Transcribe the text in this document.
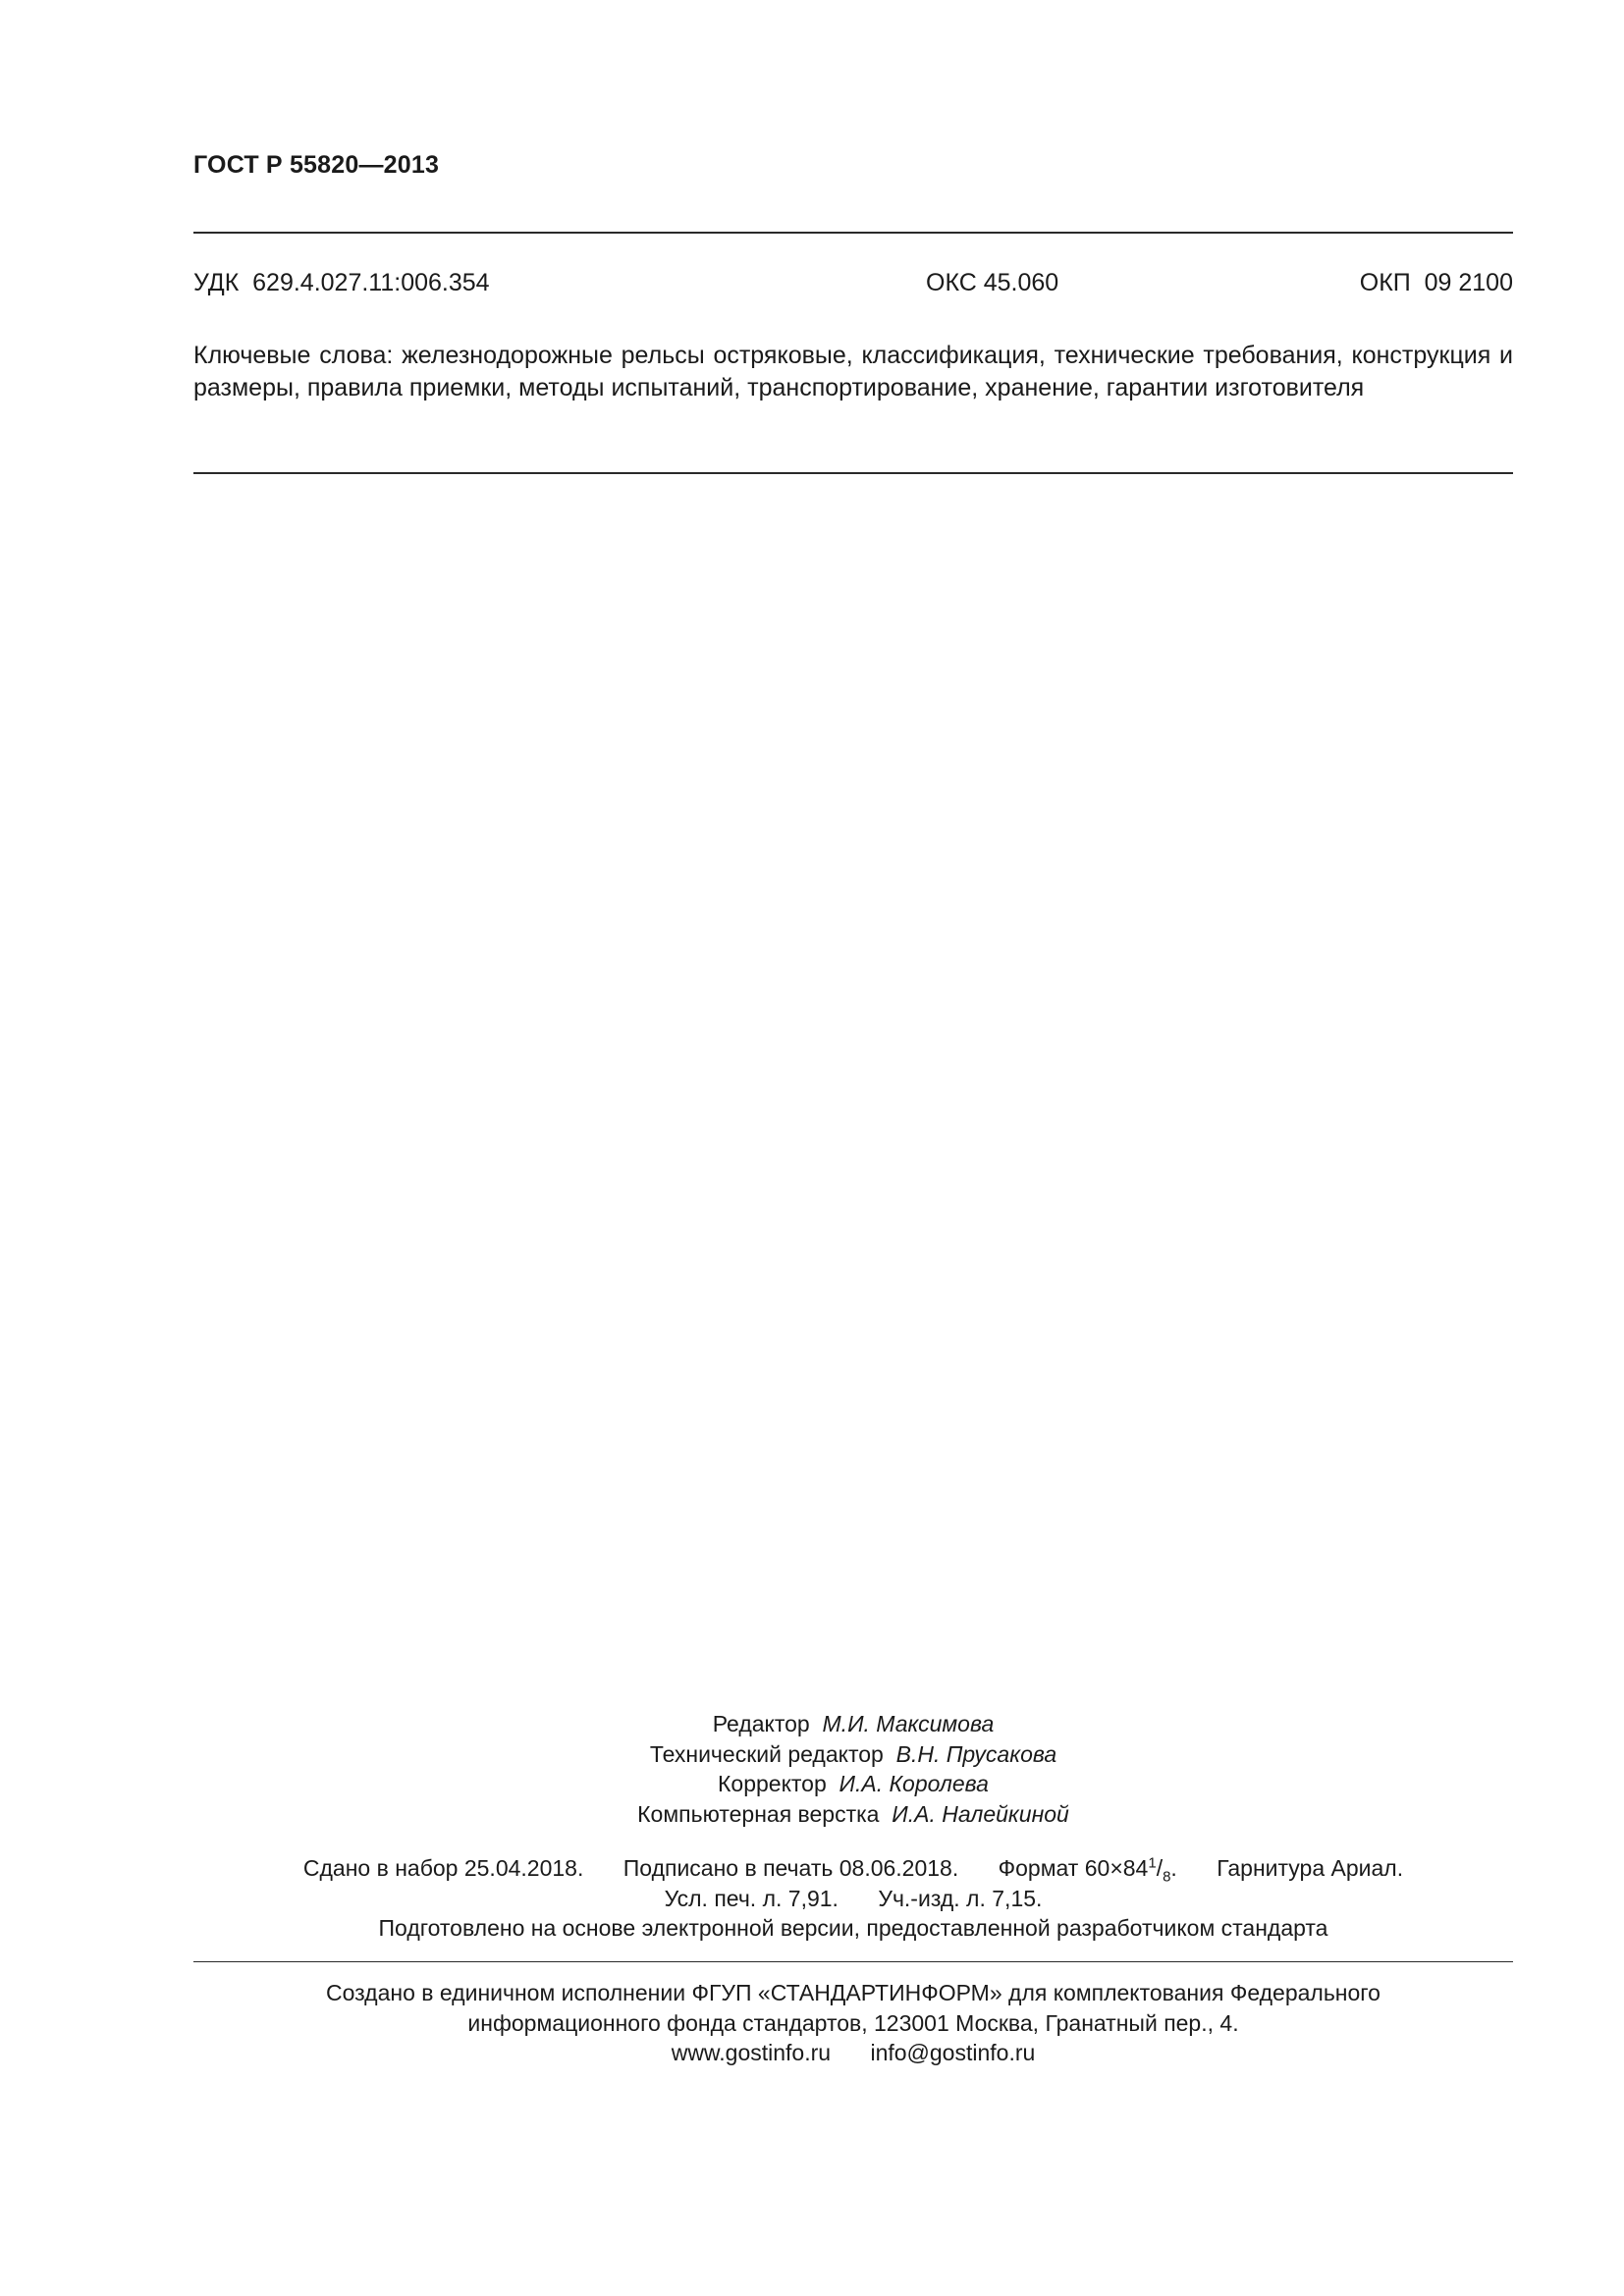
ГОСТ Р 55820—2013
УДК  629.4.027.11:006.354	ОКС 45.060	ОКП  09 2100
Ключевые слова: железнодорожные рельсы остряковые, классификация, технические требования, конструкция и размеры, правила приемки, методы испытаний, транспортирование, хранение, гарантии изготовителя
Редактор М.И. Максимова
Технический редактор В.Н. Прусакова
Корректор И.А. Королева
Компьютерная верстка И.А. Налейкиной
Сдано в набор 25.04.2018. Подписано в печать 08.06.2018. Формат $60\times 84^1/_8$. Гарнитура Ариал.
Усл. печ. л. 7,91. Уч.-изд. л. 7,15.
Подготовлено на основе электронной версии, предоставленной разработчиком стандарта
Создано в единичном исполнении ФГУП «СТАНДАРТИНФОРМ» для комплектования Федерального
информационного фонда стандартов, 123001 Москва, Гранатный пер., 4.
www.gostinfo.ru info@gostinfo.ru
